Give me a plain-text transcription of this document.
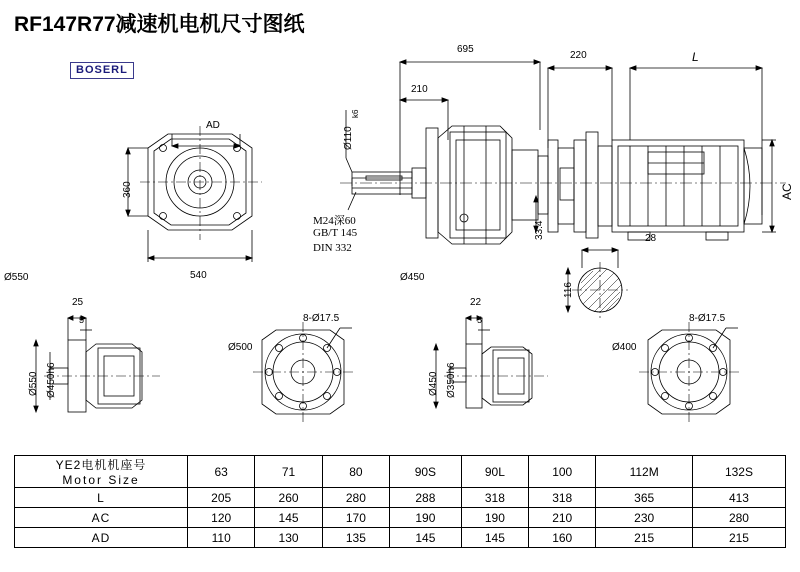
RF147R77减速机电机尺寸图纸
BOSERL
695
220	L
210
AD
AC
Ø110
k6
360
540
33.4	28
116
M24深60
GB/T 145
DIN 332
Ø550	Ø450
25
5
Ø550 Ø450h6
8-Ø17.5
Ø500
22
5
Ø450 Ø350h6
8-Ø17.5
Ø400
YE2电机机座号
Motor Size	63	71	80	90S	90L	100	112M	132S

L	205	260	280	288	318	318	365	413
AC	120	145	170	190	190	210	230	280
AD	110	130	135	145	145	160	215	215
